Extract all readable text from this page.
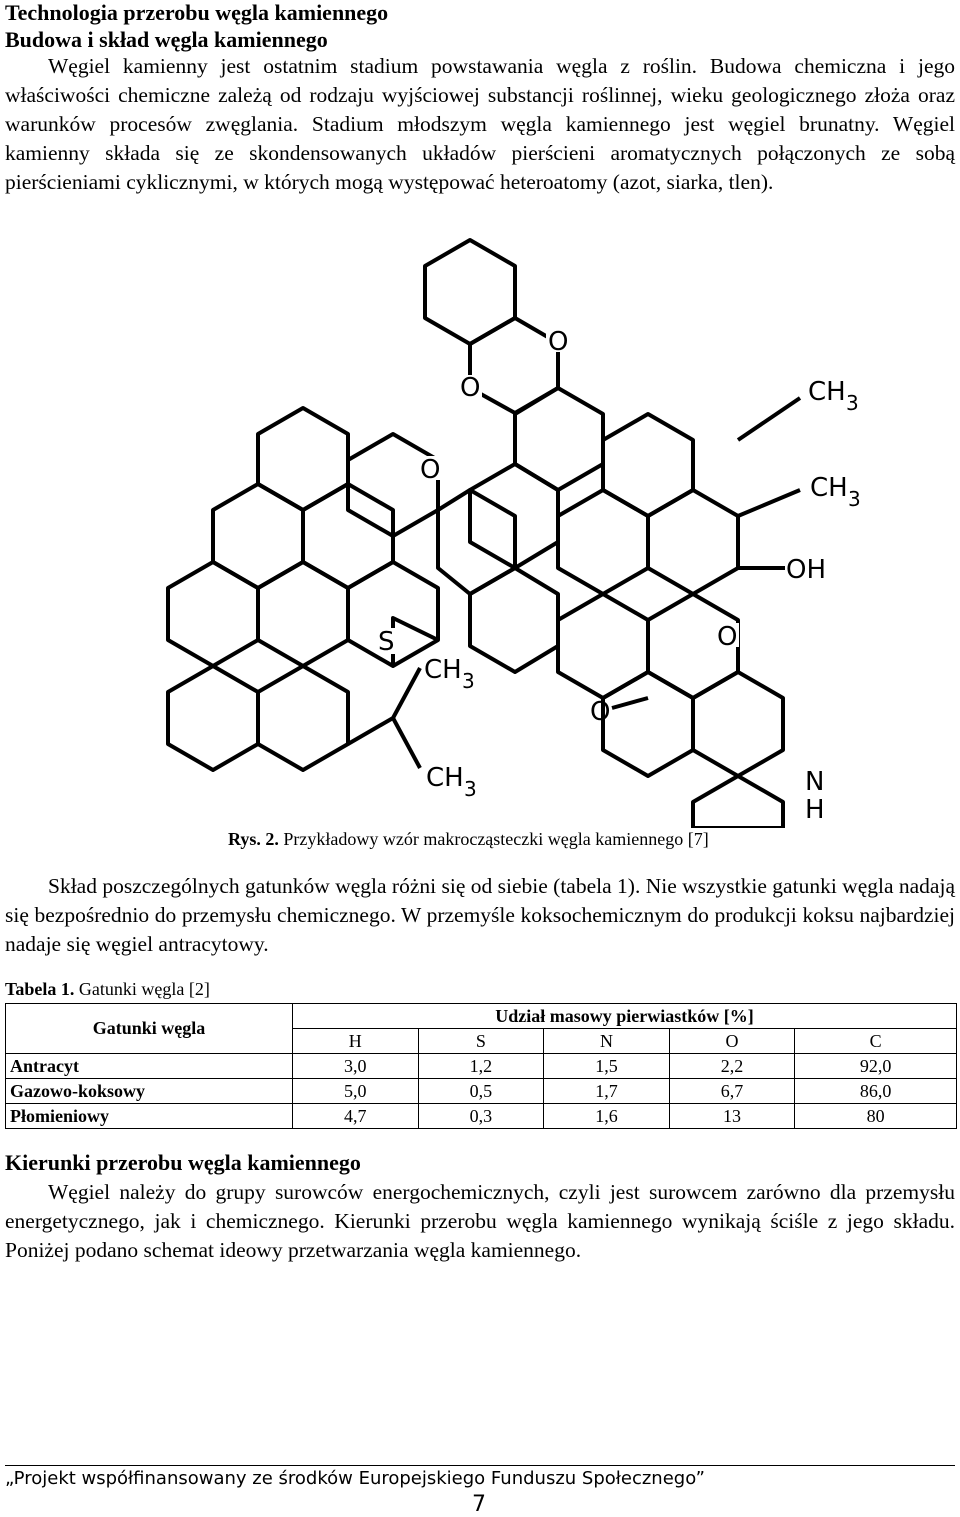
Technologia przerobu węgla kamiennego
Budowa i skład węgla kamiennego

Węgiel kamienny jest ostatnim stadium powstawania węgla z roślin. Budowa chemiczna i jego właściwości chemiczne zależą od rodzaju wyjściowej substancji roślinnej, wieku geologicznego złoża oraz warunków procesów zwęglania. Stadium młodszym węgla kamiennego jest węgiel brunatny. Węgiel kamienny składa się ze skondensowanych układów pierścieni aromatycznych połączonych ze sobą pierścieniami cyklicznymi, w których mogą występować heteroatomy (azot, siarka, tlen).

O
O
O
O
O
S
CH 3
CH 3
CH 3
CH 3
OH
N
H
Rys. 2. Przykładowy wzór makrocząsteczki węgla kamiennego [7]

Skład poszczególnych gatunków węgla różni się od siebie (tabela 1). Nie wszystkie gatunki węgla nadają się bezpośrednio do przemysłu chemicznego. W przemyśle koksochemicznym do produkcji koksu najbardziej nadaje się węgiel antracytowy.

Tabela 1. Gatunki węgla [2]
Gatunki węgla	Udział masowy pierwiastków [%]				
	H	S	N	O	C
Antracyt	3,0	1,2	1,5	2,2	92,0
Gazowo-koksowy	5,0	0,5	1,7	6,7	86,0
Płomieniowy	4,7	0,3	1,6	13	80
Kierunki przerobu węgla kamiennego

Węgiel należy do grupy surowców energochemicznych, czyli jest surowcem zarówno dla przemysłu energetycznego, jak i chemicznego. Kierunki przerobu węgla kamiennego wynikają ściśle z jego składu. Poniżej podano schemat ideowy przetwarzania węgla kamiennego.

„Projekt współfinansowany ze środków Europejskiego Funduszu Społecznego”
7
